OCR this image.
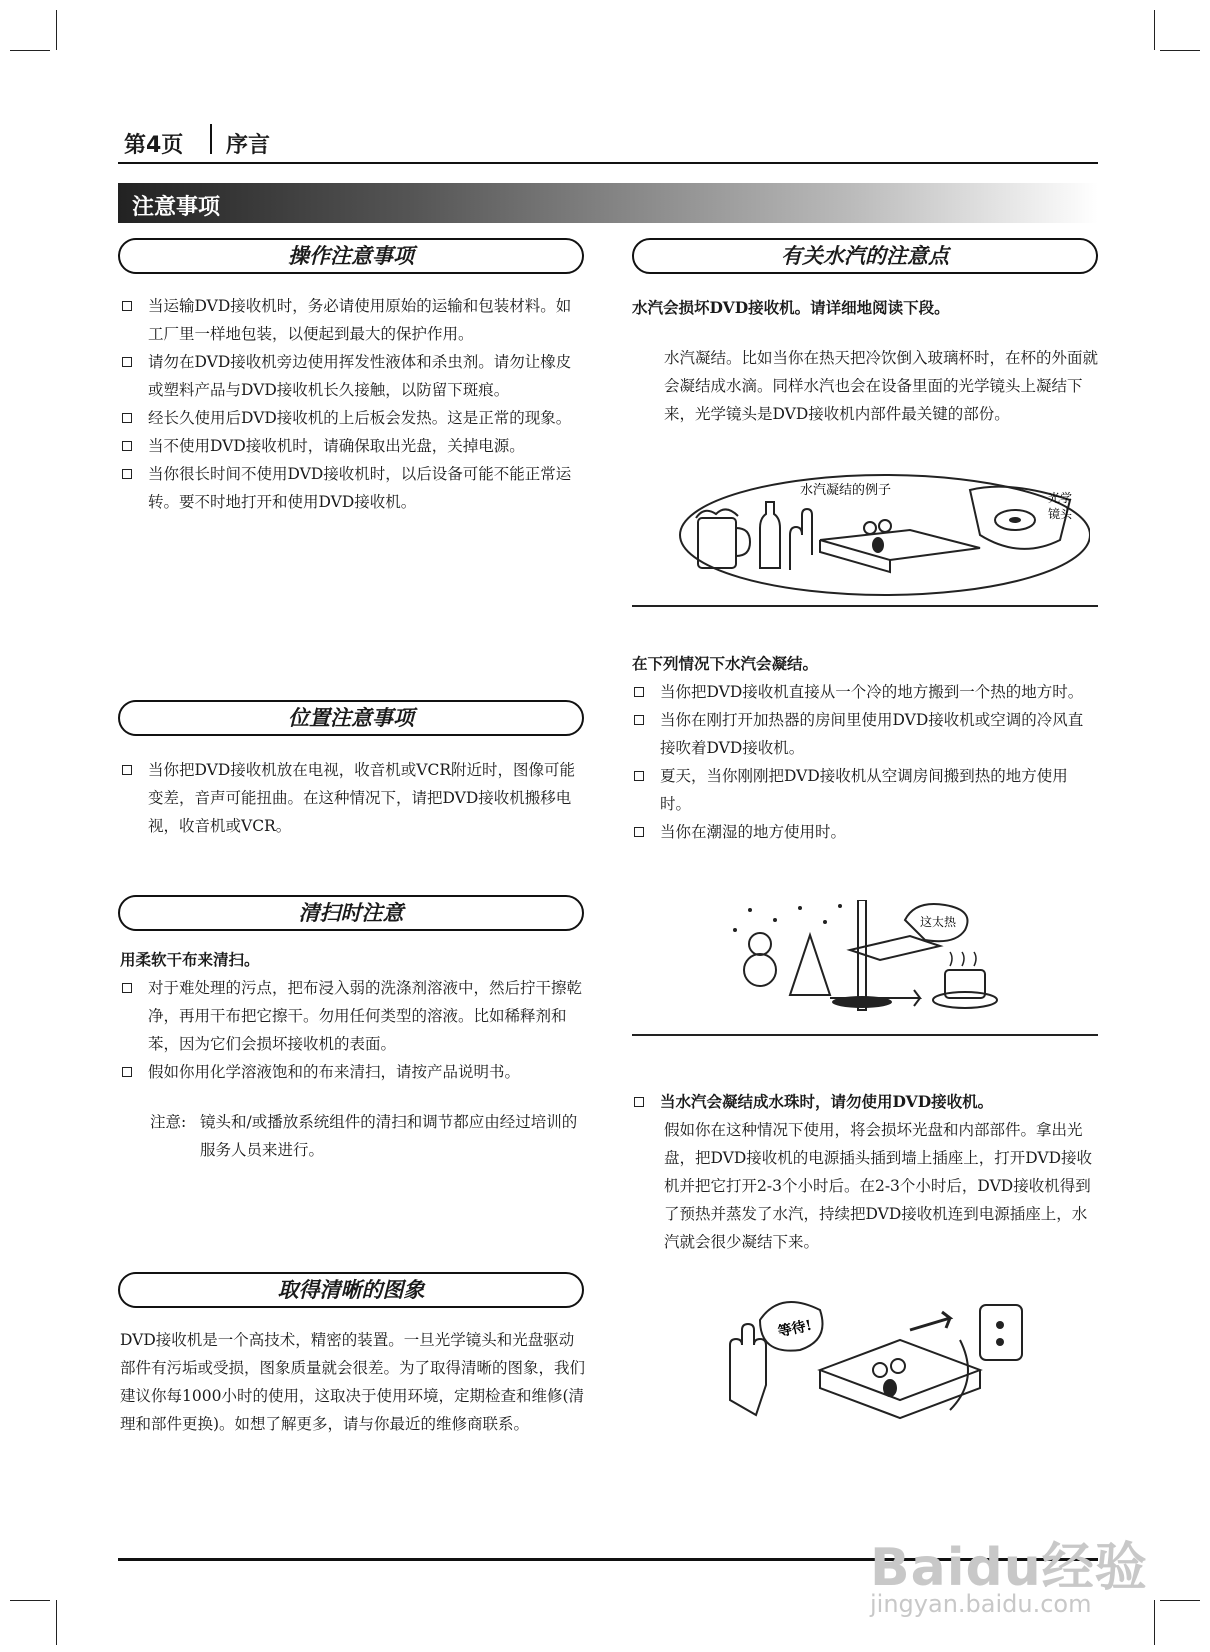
第4页 序言
注意事项
操作注意事项

当运输DVD接收机时，务必请使用原始的运输和包装材料。如工厂里一样地包装，以便起到最大的保护作用。

请勿在DVD接收机旁边使用挥发性液体和杀虫剂。请勿让橡皮或塑料产品与DVD接收机长久接触，以防留下斑痕。

经长久使用后DVD接收机的上后板会发热。这是正常的现象。

当不使用DVD接收机时，请确保取出光盘，关掉电源。

当你很长时间不使用DVD接收机时，以后设备可能不能正常运转。要不时地打开和使用DVD接收机。

位置注意事项

当你把DVD接收机放在电视，收音机或VCR附近时，图像可能变差，音声可能扭曲。在这种情况下，请把DVD接收机搬移电视，收音机或VCR。

清扫时注意

用柔软干布来清扫。

对于难处理的污点，把布浸入弱的洗涤剂溶液中，然后拧干擦乾净，再用干布把它擦干。勿用任何类型的溶液。比如稀释剂和苯，因为它们会损坏接收机的表面。

假如你用化学溶液饱和的布来清扫，请按产品说明书。

注意: 镜头和/或播放系统组件的清扫和调节都应由经过培训的服务人员来进行。
取得清晰的图象

DVD接收机是一个高技术，精密的装置。一旦光学镜头和光盘驱动部件有污垢或受损，图象质量就会很差。为了取得清晰的图象，我们建议你每1000小时的使用，这取决于使用环境，定期检查和维修(清理和部件更换)。如想了解更多，请与你最近的维修商联系。

有关水汽的注意点

水汽会损坏DVD接收机。请详细地阅读下段。

水汽凝结。比如当你在热天把冷饮倒入玻璃杯时，在杯的外面就会凝结成水滴。同样水汽也会在设备里面的光学镜头上凝结下来，光学镜头是DVD接收机内部件最关键的部份。

水汽凝结的例子	光学
镜头

在下列情况下水汽会凝结。

当你把DVD接收机直接从一个冷的地方搬到一个热的地方时。

当你在刚打开加热器的房间里使用DVD接收机或空调的冷风直接吹着DVD接收机。

夏天，当你刚刚把DVD接收机从空调房间搬到热的地方使用时。

当你在潮湿的地方使用时。

这太热

当水汽会凝结成水珠时，请勿使用DVD接收机。

假如你在这种情况下使用，将会损坏光盘和内部部件。拿出光盘，把DVD接收机的电源插头插到墙上插座上，打开DVD接收机并把它打开2-3个小时后。在2-3个小时后，DVD接收机得到了预热并蒸发了水汽，持续把DVD接收机连到电源插座上，水汽就会很少凝结下来。

等待!
Baidu经验
jingyan.baidu.com
